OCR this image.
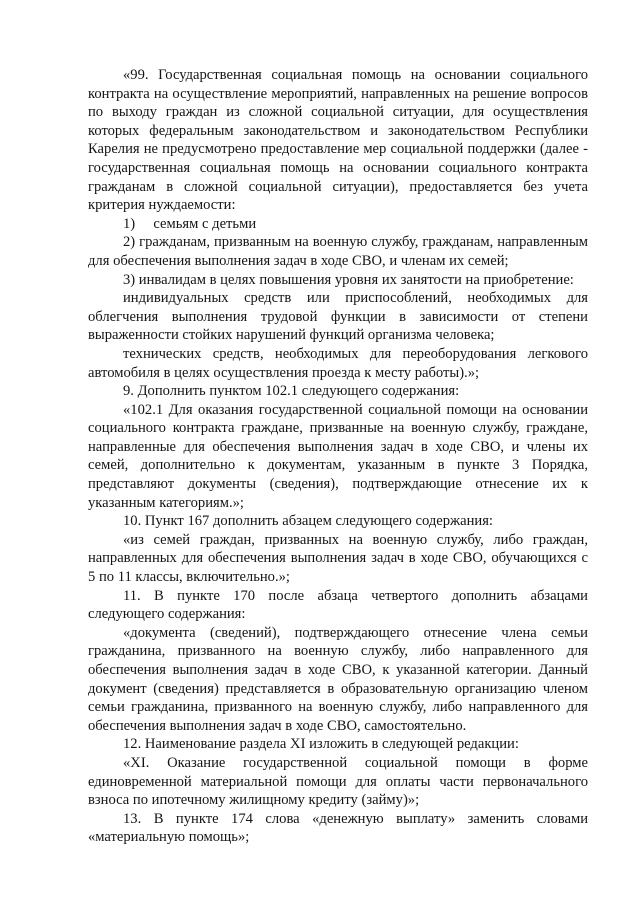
«99. Государственная социальная помощь на основании социального контракта на осуществление мероприятий, направленных на решение вопросов по выходу граждан из сложной социальной ситуации, для осуществления которых федеральным законодательством и законодательством Республики Карелия не предусмотрено предоставление мер социальной поддержки (далее - государственная социальная помощь на основании социального контракта гражданам в сложной социальной ситуации), предоставляется без учета критерия нуждаемости:

1)     семьям с детьми

2) гражданам, призванным на военную службу, гражданам, направленным для обеспечения выполнения задач в ходе СВО, и членам их семей;

3) инвалидам в целях повышения уровня их занятости на приобретение:

индивидуальных средств или приспособлений, необходимых для облегчения выполнения трудовой функции в зависимости от степени выраженности стойких нарушений функций организма человека;

технических средств, необходимых для переоборудования легкового автомобиля в целях осуществления проезда к месту работы).»;

9. Дополнить пунктом 102.1 следующего содержания:

«102.1 Для оказания государственной социальной помощи на основании социального контракта граждане, призванные на военную службу, граждане, направленные для обеспечения выполнения задач в ходе СВО, и члены их семей, дополнительно к документам, указанным в пункте 3 Порядка, представляют документы (сведения), подтверждающие отнесение их к указанным категориям.»;

10. Пункт 167 дополнить абзацем следующего содержания:

«из семей граждан, призванных на военную службу, либо граждан, направленных для обеспечения выполнения задач в ходе СВО, обучающихся с 5 по 11 классы, включительно.»;

11. В пункте 170 после абзаца четвертого дополнить абзацами следующего содержания:

«документа (сведений), подтверждающего отнесение члена семьи гражданина, призванного на военную службу, либо направленного для обеспечения выполнения задач в ходе СВО, к указанной категории. Данный документ (сведения) представляется в образовательную организацию членом семьи гражданина, призванного на военную службу, либо направленного для обеспечения выполнения задач в ходе СВО, самостоятельно.

12. Наименование раздела XI изложить в следующей редакции:

«XI. Оказание государственной социальной помощи в форме единовременной материальной помощи для оплаты части первоначального взноса по ипотечному жилищному кредиту (займу)»;

13. В пункте 174 слова «денежную выплату» заменить словами «материальную помощь»;
